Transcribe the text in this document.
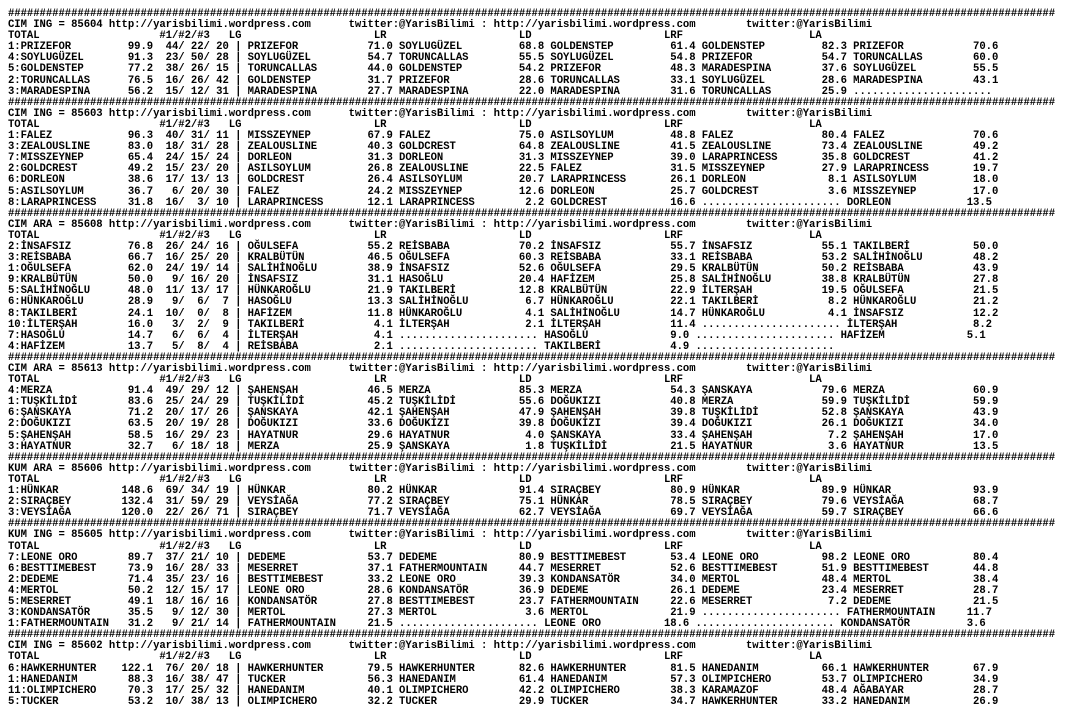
######################################################################################################################################################################
CIM ING = 85604 http://yarisbilimi.wordpress.com      twitter:@YarisBilimi : http://yarisbilimi.wordpress.com        twitter:@YarisBilimi
TOTAL                   #1/#2/#3   LG                     LR                     LD                     LRF                    LA
1:PRIZEFOR         99.9  44/ 22/ 20 | PRIZEFOR           71.0 SOYLUGÜZEL         68.8 GOLDENSTEP         61.4 GOLDENSTEP         82.3 PRIZEFOR           70.6
4:SOYLUGÜZEL       91.3  23/ 50/ 28 | SOYLUGÜZEL         54.7 TORUNCALLAS        55.5 SOYLUGÜZEL         54.8 PRIZEFOR           54.7 TORUNCALLAS        60.0
5:GOLDENSTEP       77.2  38/ 26/ 15 | TORUNCALLAS        44.0 GOLDENSTEP         54.2 PRIZEFOR           48.3 MARADESPINA        37.6 SOYLUGÜZEL         55.5
2:TORUNCALLAS      76.5  16/ 26/ 42 | GOLDENSTEP         31.7 PRIZEFOR           28.6 TORUNCALLAS        33.1 SOYLUGÜZEL         28.6 MARADESPINA        43.1
3:MARADESPINA      56.2  15/ 12/ 31 | MARADESPINA        27.7 MARADESPINA        22.0 MARADESPINA        31.6 TORUNCALLAS        25.9 ......................
######################################################################################################################################################################
CIM ING = 85603 http://yarisbilimi.wordpress.com      twitter:@YarisBilimi : http://yarisbilimi.wordpress.com        twitter:@YarisBilimi
TOTAL                   #1/#2/#3   LG                     LR                     LD                     LRF                    LA
1:FALEZ            96.3  40/ 31/ 11 | MISSZEYNEP         67.9 FALEZ              75.0 ASILSOYLUM         48.8 FALEZ              80.4 FALEZ              70.6
3:ZEALOUSLINE      83.0  18/ 31/ 28 | ZEALOUSLINE        40.3 GOLDCREST          64.8 ZEALOUSLINE        41.5 ZEALOUSLINE        73.4 ZEALOUSLINE        49.2
7:MISSZEYNEP       65.4  24/ 15/ 24 | DORLEON            31.3 DORLEON            31.3 MISSZEYNEP         39.0 LARAPRINCESS       35.8 GOLDCREST          41.2
2:GOLDCREST        49.2  15/ 23/ 20 | ASILSOYLUM         26.8 ZEALOUSLINE        22.5 FALEZ              31.5 MISSZEYNEP         27.9 LARAPRINCESS       19.7
6:DORLEON          38.6  17/ 13/ 13 | GOLDCREST          26.4 ASILSOYLUM         20.7 LARAPRINCESS       26.1 DORLEON             8.1 ASILSOYLUM         18.0
5:ASILSOYLUM       36.7   6/ 20/ 30 | FALEZ              24.2 MISSZEYNEP         12.6 DORLEON            25.7 GOLDCREST           3.6 MISSZEYNEP         17.0
8:LARAPRINCESS     31.8  16/  3/ 10 | LARAPRINCESS       12.1 LARAPRINCESS        2.2 GOLDCREST          16.6 ...................... DORLEON            13.5
######################################################################################################################################################################
CIM ARA = 85608 http://yarisbilimi.wordpress.com      twitter:@YarisBilimi : http://yarisbilimi.wordpress.com        twitter:@YarisBilimi
TOTAL                   #1/#2/#3   LG                     LR                     LD                     LRF                    LA
2:İNSAFSIZ         76.8  26/ 24/ 16 | OĞULSEFA           55.2 REİSBABA           70.2 İNSAFSIZ           55.7 İNSAFSIZ           55.1 TAKILBERİ          50.0
3:REİSBABA         66.7  16/ 25/ 20 | KRALBÜTÜN          46.5 OĞULSEFA           60.3 REİSBABA           33.1 REİSBABA           53.2 SALİHİNOĞLU        48.2
1:OĞULSEFA         62.0  24/ 19/ 14 | SALİHİNOĞLU        38.9 İNSAFSIZ           52.6 OĞULSEFA           29.5 KRALBÜTÜN          50.2 REİSBABA           43.9
9:KRALBÜTÜN        50.0   9/ 16/ 20 | İNSAFSIZ           31.1 HASOĞLU            20.4 HAFİZEM            25.8 SALİHİNOĞLU        38.8 KRALBÜTÜN          27.8
5:SALİHİNOĞLU      48.0  11/ 13/ 17 | HÜNKAROĞLU         21.9 TAKILBERİ          12.8 KRALBÜTÜN          22.9 İLTERŞAH           19.5 OĞULSEFA           21.5
6:HÜNKAROĞLU       28.9   9/  6/  7 | HASOĞLU            13.3 SALİHİNOĞLU         6.7 HÜNKAROĞLU         22.1 TAKILBERİ           8.2 HÜNKAROĞLU         21.2
8:TAKILBERİ        24.1  10/  0/  8 | HAFİZEM            11.8 HÜNKAROĞLU          4.1 SALİHİNOĞLU        14.7 HÜNKAROĞLU          4.1 İNSAFSIZ           12.2
10:İLTERŞAH        16.0   3/  2/  9 | TAKILBERİ           4.1 İLTERŞAH            2.1 İLTERŞAH           11.4 ...................... İLTERŞAH            8.2
7:HASOĞLU          14.7   6/  6/  4 | İLTERŞAH            4.1 ...................... HASOĞLU             9.0 ...................... HAFİZEM             5.1
4:HAFİZEM          13.7   5/  8/  4 | REİSBABA            2.1 ...................... TAKILBERİ           4.9 ......................
######################################################################################################################################################################
CIM ARA = 85613 http://yarisbilimi.wordpress.com      twitter:@YarisBilimi : http://yarisbilimi.wordpress.com        twitter:@YarisBilimi
TOTAL                   #1/#2/#3   LG                     LR                     LD                     LRF                    LA
4:MERZA            91.4  49/ 29/ 12 | ŞAHENŞAH           46.5 MERZA              85.3 MERZA              54.3 ŞANSKAYA           79.6 MERZA              60.9
1:TUŞKİLİDİ        83.6  25/ 24/ 29 | TUŞKİLİDİ          45.2 TUŞKİLİDİ          55.6 DOĞUKIZI           40.8 MERZA              59.9 TUŞKİLİDİ          59.9
6:ŞANSKAYA         71.2  20/ 17/ 26 | ŞANSKAYA           42.1 ŞAHENŞAH           47.9 ŞAHENŞAH           39.8 TUŞKİLİDİ          52.8 ŞANSKAYA           43.9
2:DOĞUKIZI         63.5  20/ 19/ 28 | DOĞUKIZI           33.6 DOĞUKIZI           39.8 DOĞUKIZI           39.4 DOĞUKIZI           26.1 DOĞUKIZI           34.0
5:ŞAHENŞAH         58.5  16/ 29/ 23 | HAYATNUR           29.6 HAYATNUR            4.0 ŞANSKAYA           33.4 ŞAHENŞAH            7.2 ŞAHENŞAH           17.0
3:HAYATNUR         32.7   6/ 18/ 18 | MERZA              25.9 ŞANSKAYA            1.8 TUŞKİLİDİ          21.5 HAYATNUR            3.6 HAYATNUR           13.5
######################################################################################################################################################################
KUM ARA = 85606 http://yarisbilimi.wordpress.com      twitter:@YarisBilimi : http://yarisbilimi.wordpress.com        twitter:@YarisBilimi
TOTAL                   #1/#2/#3   LG                     LR                     LD                     LRF                    LA
1:HÜNKAR          148.6  69/ 34/ 19 | HÜNKAR             80.2 HÜNKAR             91.4 SIRAÇBEY           80.9 HÜNKAR             89.9 HÜNKAR             93.9
2:SIRAÇBEY        132.4  31/ 59/ 29 | VEYSİAĞA           77.2 SIRAÇBEY           75.1 HÜNKAR             78.5 SIRAÇBEY           79.6 VEYSİAĞA           68.7
3:VEYSİAĞA        120.0  22/ 26/ 71 | SIRAÇBEY           71.7 VEYSİAĞA           62.7 VEYSİAĞA           69.7 VEYSİAĞA           59.7 SIRAÇBEY           66.6
######################################################################################################################################################################
KUM ING = 85605 http://yarisbilimi.wordpress.com      twitter:@YarisBilimi : http://yarisbilimi.wordpress.com        twitter:@YarisBilimi
TOTAL                   #1/#2/#3   LG                     LR                     LD                     LRF                    LA
7:LEONE ORO        89.7  37/ 21/ 10 | DEDEME             53.7 DEDEME             80.9 BESTTIMEBEST       53.4 LEONE ORO          98.2 LEONE ORO          80.4
6:BESTTIMEBEST     73.9  16/ 28/ 33 | MESERRET           37.1 FATHERMOUNTAIN     44.7 MESERRET           52.6 BESTTIMEBEST       51.9 BESTTIMEBEST       44.8
2:DEDEME           71.4  35/ 23/ 16 | BESTTIMEBEST       33.2 LEONE ORO          39.3 KONDANSATÖR        34.0 MERTOL             48.4 MERTOL             38.4
4:MERTOL           50.2  12/ 15/ 17 | LEONE ORO          28.6 KONDANSATÖR        36.9 DEDEME             26.1 DEDEME             23.4 MESERRET           28.7
5:MESERRET         49.1  18/ 16/ 16 | KONDANSATÖR        27.8 BESTTIMEBEST       23.7 FATHERMOUNTAIN     22.6 MESERRET            7.2 DEDEME             21.5
3:KONDANSATÖR      35.5   9/ 12/ 30 | MERTOL             27.3 MERTOL              3.6 MERTOL             21.9 ...................... FATHERMOUNTAIN     11.7
1:FATHERMOUNTAIN   31.2   9/ 21/ 14 | FATHERMOUNTAIN     21.5 ...................... LEONE ORO          18.6 ...................... KONDANSATÖR         3.6
######################################################################################################################################################################
CIM ING = 85602 http://yarisbilimi.wordpress.com      twitter:@YarisBilimi : http://yarisbilimi.wordpress.com        twitter:@YarisBilimi
TOTAL                   #1/#2/#3   LG                     LR                     LD                     LRF                    LA
6:HAWKERHUNTER    122.1  76/ 20/ 18 | HAWKERHUNTER       79.5 HAWKERHUNTER       82.6 HAWKERHUNTER       81.5 HANEDANIM          66.1 HAWKERHUNTER       67.9
1:HANEDANIM        88.3  16/ 38/ 47 | TUCKER             56.3 HANEDANIM          61.4 HANEDANIM          57.3 OLIMPICHERO        53.7 OLIMPICHERO        34.9
11:OLIMPICHERO     70.3  17/ 25/ 32 | HANEDANIM          40.1 OLIMPICHERO        42.2 OLIMPICHERO        38.3 KARAMAZOF          48.4 AĞABAYAR           28.7
5:TUCKER           53.2  10/ 38/ 13 | OLIMPICHERO        32.2 TUCKER             29.9 TUCKER             34.7 HAWKERHUNTER       33.2 HANEDANIM          26.9
